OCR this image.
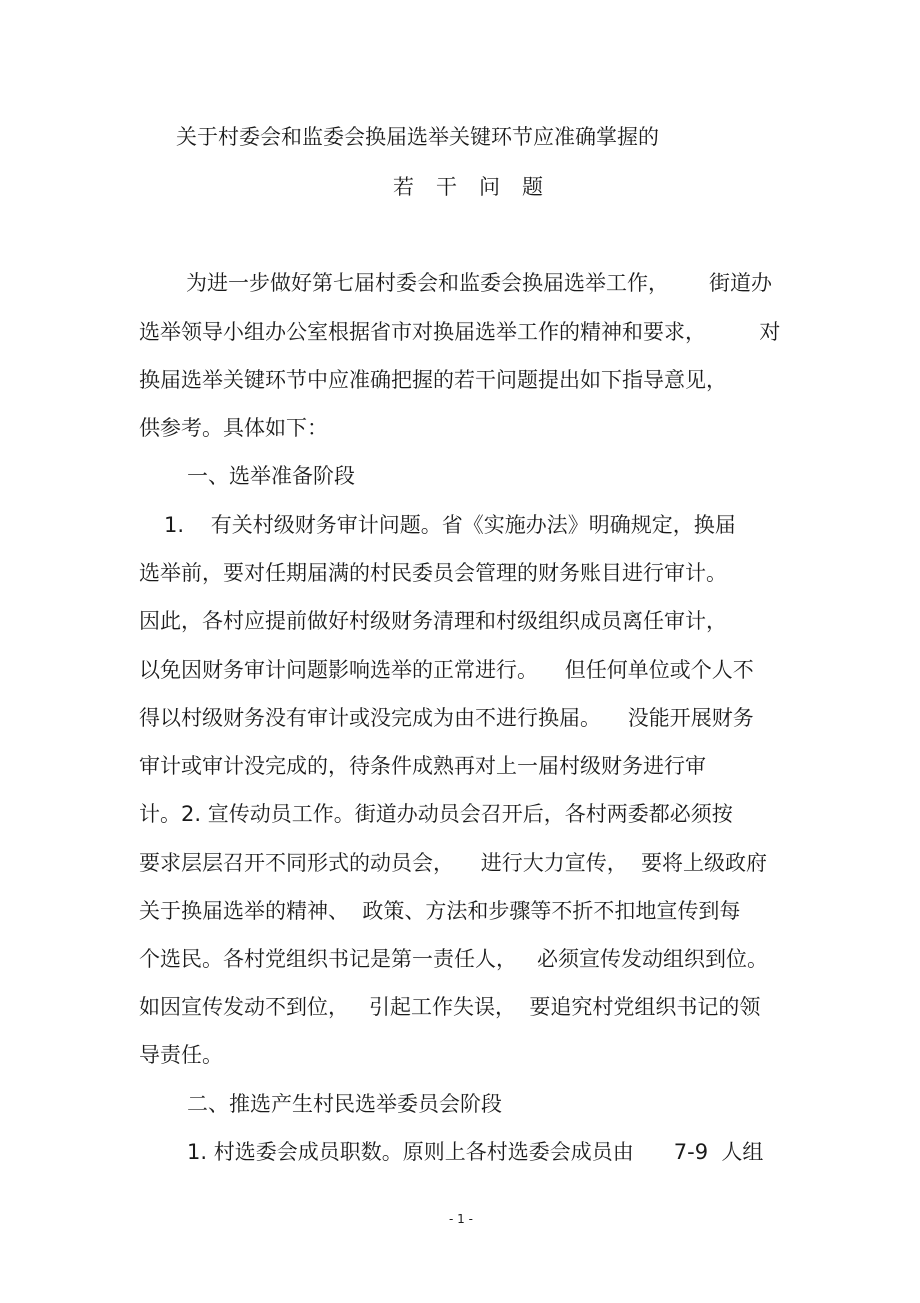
关于村委会和监委会换届选举关键环节应准确掌握的
若干问题
为进一步做好第七届村委会和监委会换届选举工作，      街道办
选举领导小组办公室根据省市对换届选举工作的精神和要求，        对
换届选举关键环节中应准确把握的若干问题提出如下指导意见，
供参考。具体如下：
一、选举准备阶段
1.    有关村级财务审计问题。省《实施办法》明确规定，换届
选举前，要对任期届满的村民委员会管理的财务账目进行审计。
因此，各村应提前做好村级财务清理和村级组织成员离任审计，
以免因财务审计问题影响选举的正常进行。    但任何单位或个人不
得以村级财务没有审计或没完成为由不进行换届。    没能开展财务
审计或审计没完成的，待条件成熟再对上一届村级财务进行审
计。2. 宣传动员工作。街道办动员会召开后，各村两委都必须按
要求层层召开不同形式的动员会，    进行大力宣传，  要将上级政府
关于换届选举的精神、  政策、方法和步骤等不折不扣地宣传到每
个选民。各村党组织书记是第一责任人，   必须宣传发动组织到位。
如因宣传发动不到位，   引起工作失误，  要追究村党组织书记的领
导责任。
二、推选产生村民选举委员会阶段
1. 村选委会成员职数。原则上各村选委会成员由      7-9  人组
- 1 -
